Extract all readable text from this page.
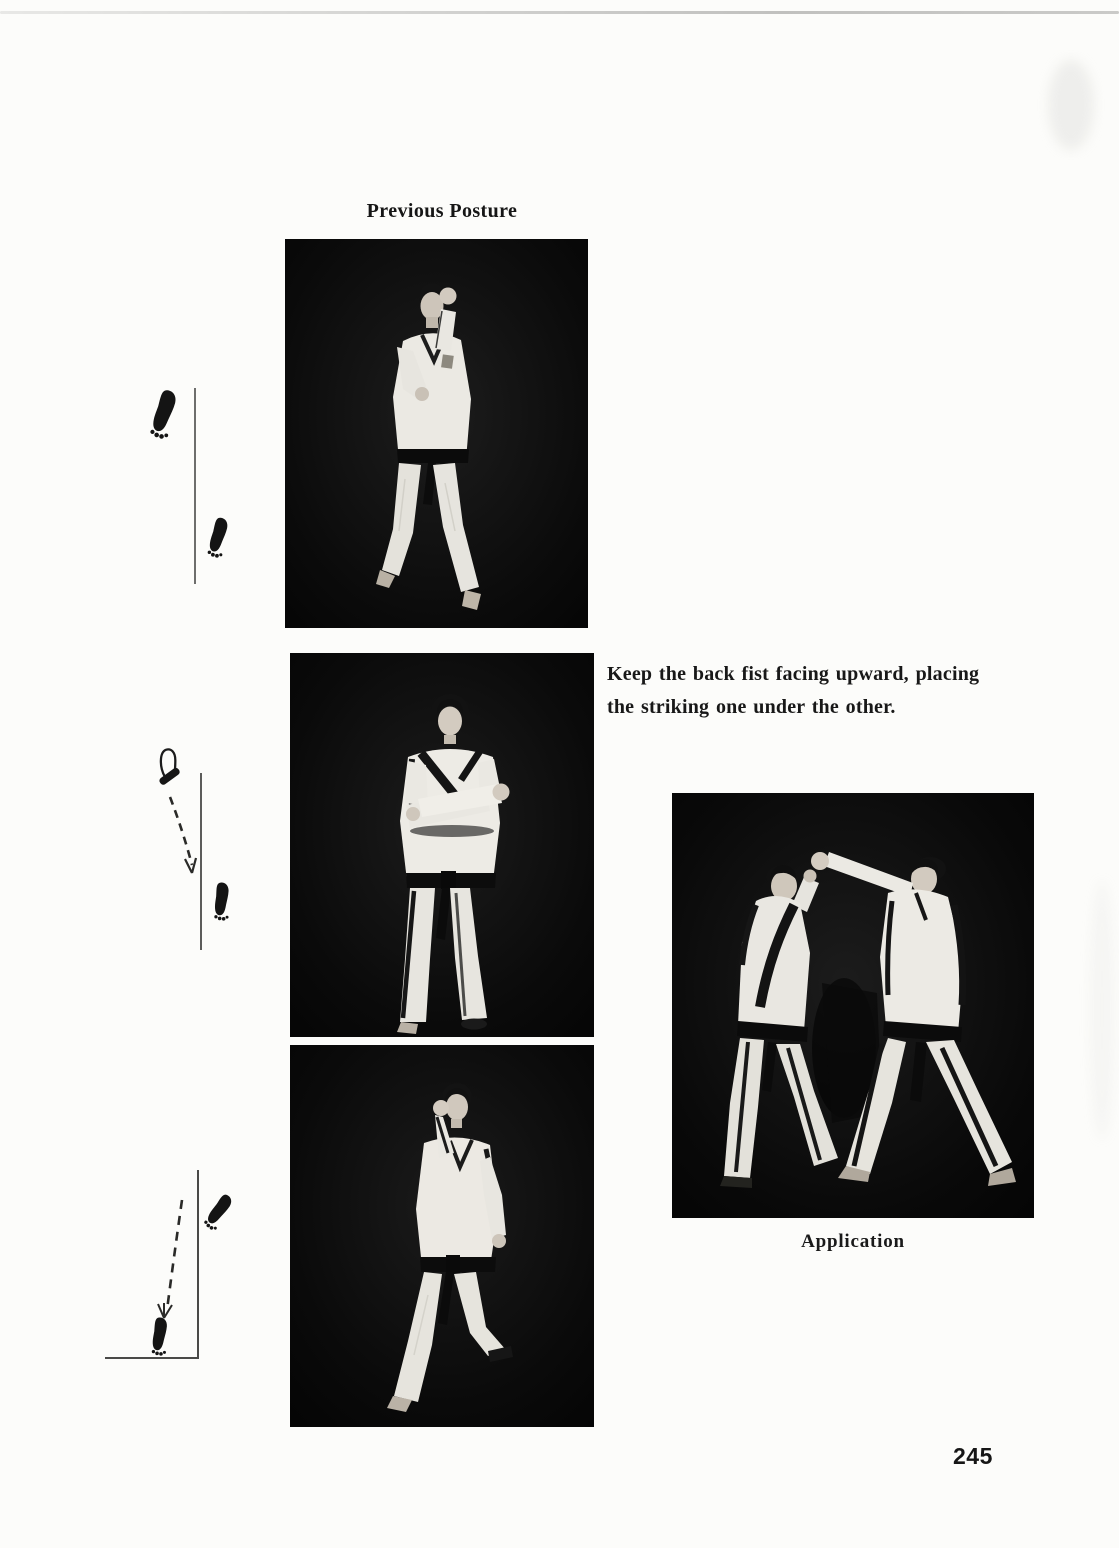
Previous Posture
Keep the back fist facing upward, placing
the striking one under the other.
Application
245
